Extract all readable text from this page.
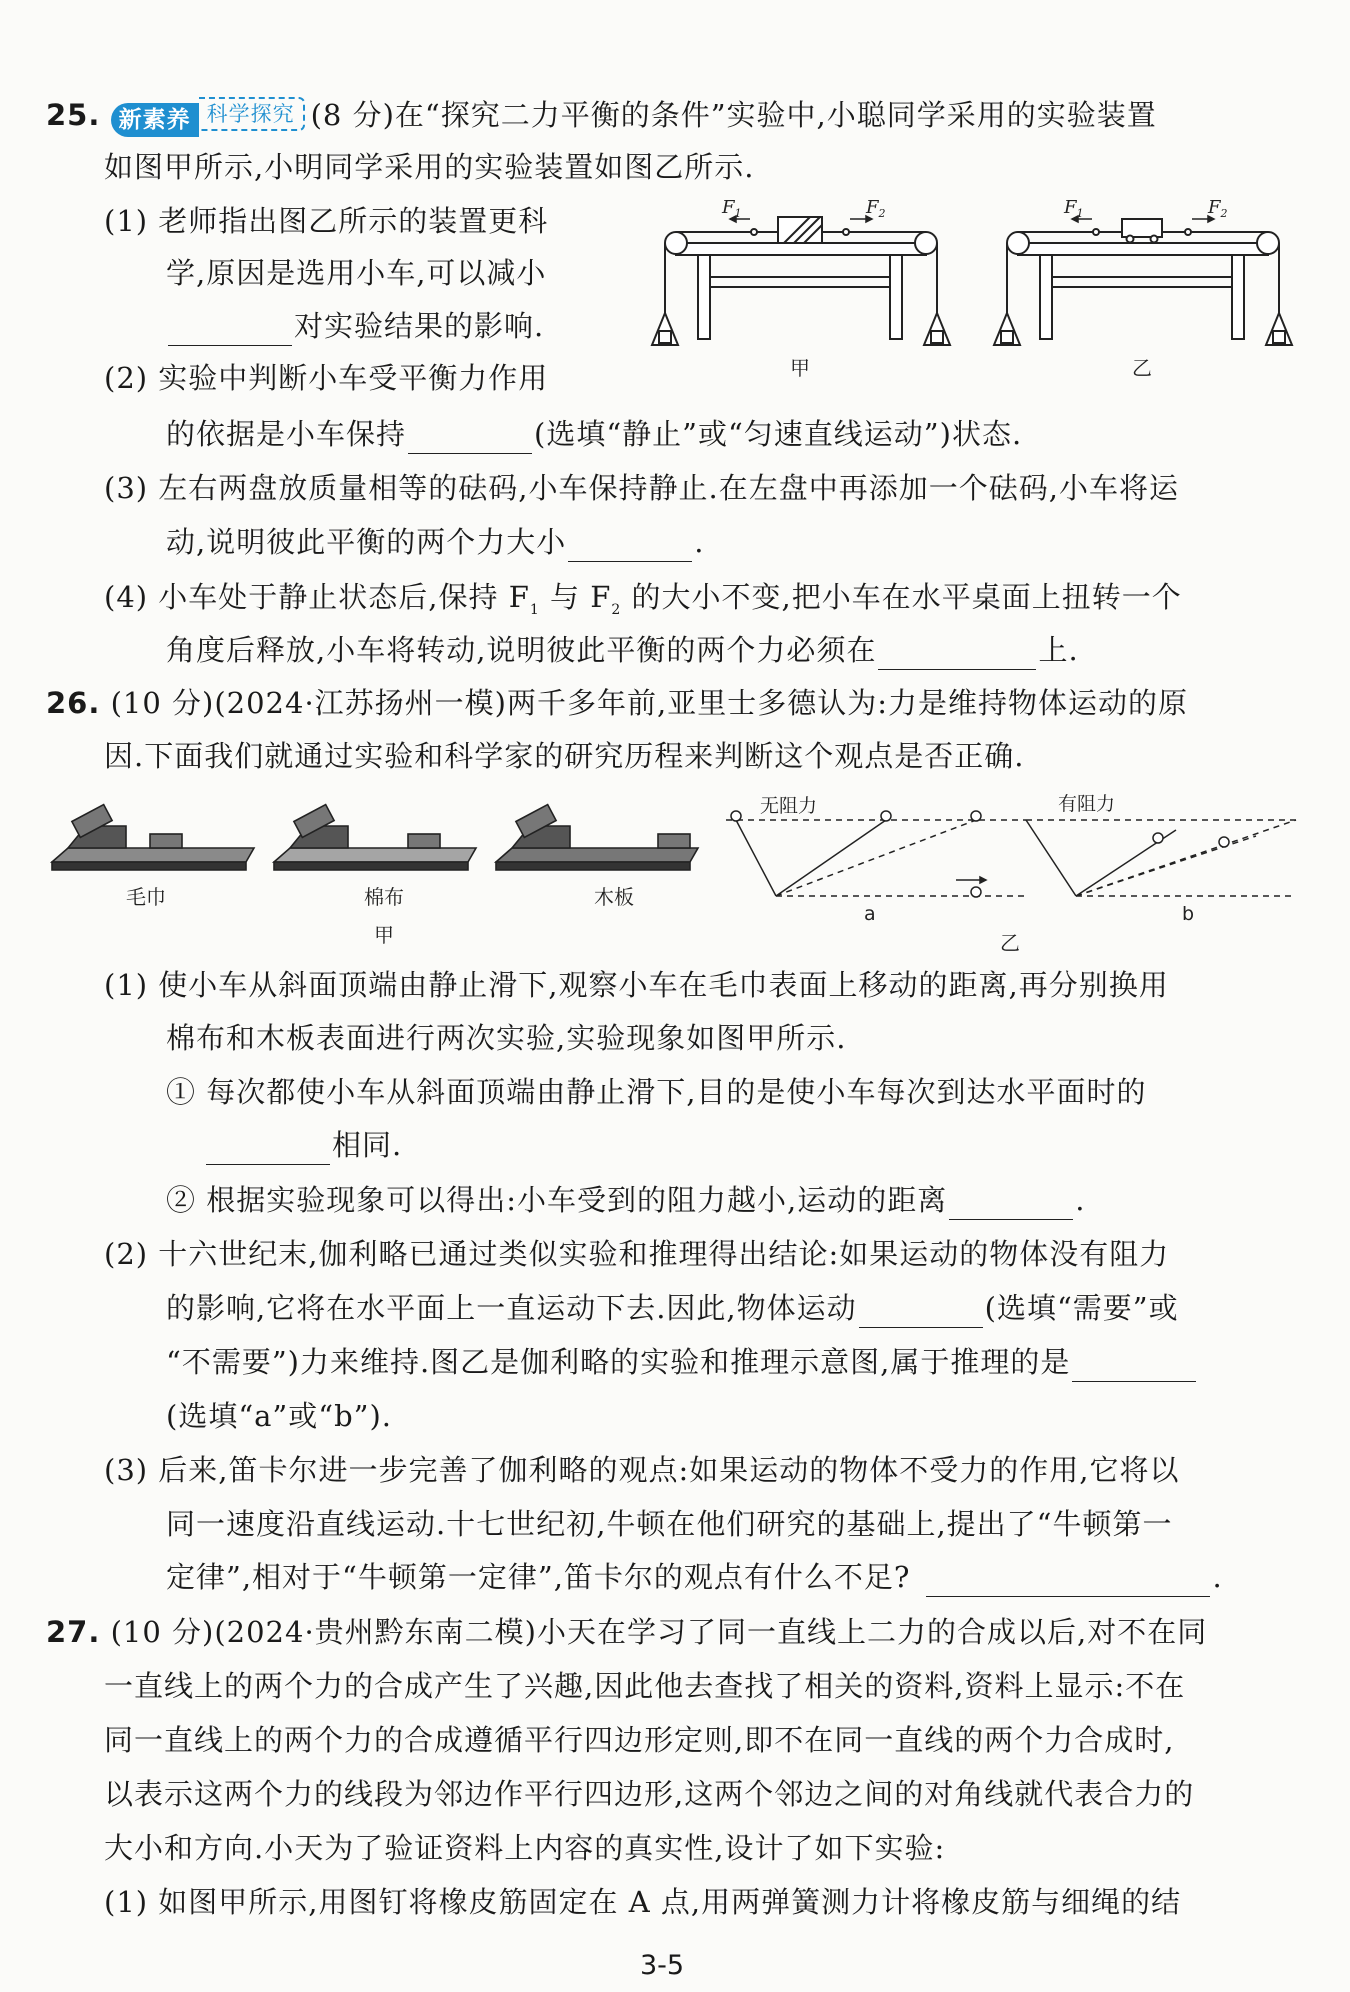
25. 新素养 科学探究 (8 分)在“探究二力平衡的条件”实验中,小聪同学采用的实验装置
如图甲所示,小明同学采用的实验装置如图乙所示.
(1) 老师指出图乙所示的装置更科
学,原因是选用小车,可以减小
对实验结果的影响.
(2) 实验中判断小车受平衡力作用
的依据是小车保持	(选填“静止”或“匀速直线运动”)状态.
(3) 左右两盘放质量相等的砝码,小车保持静止.在左盘中再添加一个砝码,小车将运
动,说明彼此平衡的两个力大小	.
(4) 小车处于静止状态后,保持 $F_1$ 与 $F_2$ 的大小不变,把小车在水平桌面上扭转一个
角度后释放,小车将转动,说明彼此平衡的两个力必须在	上.
$F_1$	$F_2$	$F_1$	$F_2$
甲	乙
26. (10 分)(2024·江苏扬州一模)两千多年前,亚里士多德认为:力是维持物体运动的原
因.下面我们就通过实验和科学家的研究历程来判断这个观点是否正确.
毛巾	棉布	木板
甲
无阻力	有阻力
a	b
乙
(1) 使小车从斜面顶端由静止滑下,观察小车在毛巾表面上移动的距离,再分别换用
棉布和木板表面进行两次实验,实验现象如图甲所示.
① 每次都使小车从斜面顶端由静止滑下,目的是使小车每次到达水平面时的
相同.
② 根据实验现象可以得出:小车受到的阻力越小,运动的距离	.
(2) 十六世纪末,伽利略已通过类似实验和推理得出结论:如果运动的物体没有阻力
的影响,它将在水平面上一直运动下去.因此,物体运动	(选填“需要”或
“不需要”)力来维持.图乙是伽利略的实验和推理示意图,属于推理的是
(选填“a”或“b”).
(3) 后来,笛卡尔进一步完善了伽利略的观点:如果运动的物体不受力的作用,它将以
同一速度沿直线运动.十七世纪初,牛顿在他们研究的基础上,提出了“牛顿第一
定律”,相对于“牛顿第一定律”,笛卡尔的观点有什么不足?	.
27. (10 分)(2024·贵州黔东南二模)小天在学习了同一直线上二力的合成以后,对不在同
一直线上的两个力的合成产生了兴趣,因此他去查找了相关的资料,资料上显示:不在
同一直线上的两个力的合成遵循平行四边形定则,即不在同一直线的两个力合成时,
以表示这两个力的线段为邻边作平行四边形,这两个邻边之间的对角线就代表合力的
大小和方向.小天为了验证资料上内容的真实性,设计了如下实验:
(1) 如图甲所示,用图钉将橡皮筋固定在 A 点,用两弹簧测力计将橡皮筋与细绳的结
3-5
